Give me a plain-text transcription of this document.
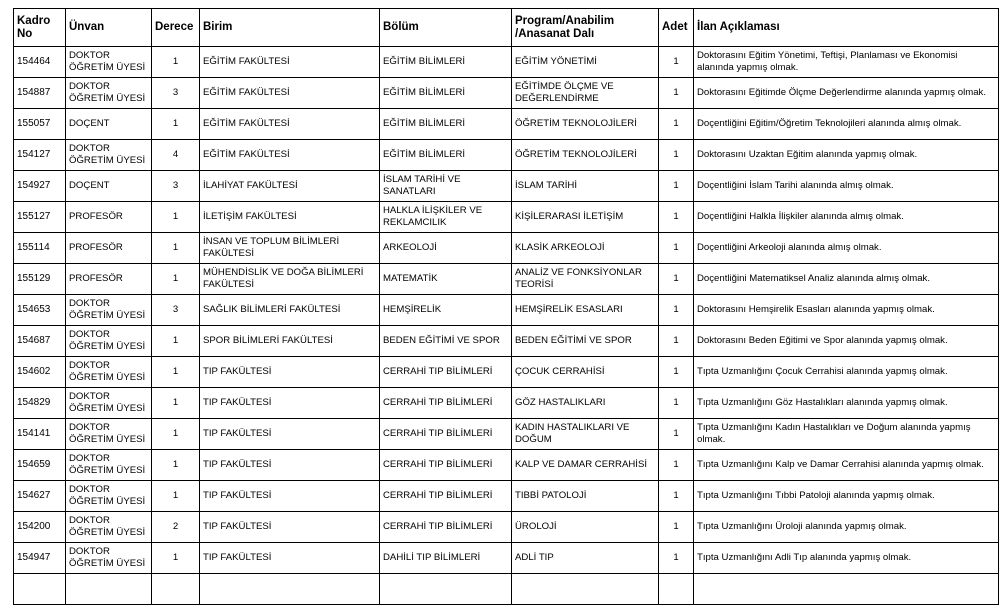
Kadro No	Ünvan	Derece	Birim	Bölüm	Program/Anabilim /Anasanat Dalı	Adet	İlan Açıklaması
154464	DOKTOR ÖĞRETİM ÜYESİ	1	EĞİTİM FAKÜLTESİ	EĞİTİM BİLİMLERİ	EĞİTİM YÖNETİMİ	1	Doktorasını Eğitim Yönetimi, Teftişi, Planlaması ve Ekonomisi alanında yapmış olmak.
154887	DOKTOR ÖĞRETİM ÜYESİ	3	EĞİTİM FAKÜLTESİ	EĞİTİM BİLİMLERİ	EĞİTİMDE ÖLÇME VE DEĞERLENDİRME	1	Doktorasını Eğitimde Ölçme Değerlendirme alanında yapmış olmak.
155057	DOÇENT	1	EĞİTİM FAKÜLTESİ	EĞİTİM BİLİMLERİ	ÖĞRETİM TEKNOLOJİLERİ	1	Doçentliğini Eğitim/Öğretim Teknolojileri alanında almış olmak.
154127	DOKTOR ÖĞRETİM ÜYESİ	4	EĞİTİM FAKÜLTESİ	EĞİTİM BİLİMLERİ	ÖĞRETİM TEKNOLOJİLERİ	1	Doktorasını Uzaktan Eğitim alanında yapmış olmak.
154927	DOÇENT	3	İLAHİYAT FAKÜLTESİ	İSLAM TARİHİ VE SANATLARI	İSLAM TARİHİ	1	Doçentliğini İslam Tarihi alanında almış olmak.
155127	PROFESÖR	1	İLETİŞİM FAKÜLTESİ	HALKLA İLİŞKİLER VE REKLAMCILIK	KİŞİLERARASI İLETİŞİM	1	Doçentliğini Halkla İlişkiler alanında almış olmak.
155114	PROFESÖR	1	İNSAN VE TOPLUM BİLİMLERİ FAKÜLTESİ	ARKEOLOJİ	KLASİK ARKEOLOJİ	1	Doçentliğini Arkeoloji alanında almış olmak.
155129	PROFESÖR	1	MÜHENDİSLİK VE DOĞA BİLİMLERİ FAKÜLTESİ	MATEMATİK	ANALİZ VE FONKSİYONLAR TEORİSİ	1	Doçentliğini Matematiksel Analiz alanında almış olmak.
154653	DOKTOR ÖĞRETİM ÜYESİ	3	SAĞLIK BİLİMLERİ FAKÜLTESİ	HEMŞİRELİK	HEMŞİRELİK ESASLARI	1	Doktorasını Hemşirelik Esasları alanında yapmış olmak.
154687	DOKTOR ÖĞRETİM ÜYESİ	1	SPOR BİLİMLERİ FAKÜLTESİ	BEDEN EĞİTİMİ VE SPOR	BEDEN EĞİTİMİ VE SPOR	1	Doktorasını Beden Eğitimi ve Spor alanında yapmış olmak.
154602	DOKTOR ÖĞRETİM ÜYESİ	1	TIP FAKÜLTESİ	CERRAHİ TIP BİLİMLERİ	ÇOCUK CERRAHİSİ	1	Tıpta Uzmanlığını Çocuk Cerrahisi alanında yapmış olmak.
154829	DOKTOR ÖĞRETİM ÜYESİ	1	TIP FAKÜLTESİ	CERRAHİ TIP BİLİMLERİ	GÖZ HASTALIKLARI	1	Tıpta Uzmanlığını Göz Hastalıkları alanında yapmış olmak.
154141	DOKTOR ÖĞRETİM ÜYESİ	1	TIP FAKÜLTESİ	CERRAHİ TIP BİLİMLERİ	KADIN HASTALIKLARI VE DOĞUM	1	Tıpta Uzmanlığını Kadın Hastalıkları ve Doğum alanında yapmış olmak.
154659	DOKTOR ÖĞRETİM ÜYESİ	1	TIP FAKÜLTESİ	CERRAHİ TIP BİLİMLERİ	KALP VE DAMAR CERRAHİSİ	1	Tıpta Uzmanlığını Kalp ve Damar Cerrahisi alanında yapmış olmak.
154627	DOKTOR ÖĞRETİM ÜYESİ	1	TIP FAKÜLTESİ	CERRAHİ TIP BİLİMLERİ	TIBBİ PATOLOJİ	1	Tıpta Uzmanlığını Tıbbi Patoloji alanında yapmış olmak.
154200	DOKTOR ÖĞRETİM ÜYESİ	2	TIP FAKÜLTESİ	CERRAHİ TIP BİLİMLERİ	ÜROLOJİ	1	Tıpta Uzmanlığını Üroloji alanında yapmış olmak.
154947	DOKTOR ÖĞRETİM ÜYESİ	1	TIP FAKÜLTESİ	DAHİLİ TIP BİLİMLERİ	ADLİ TIP	1	Tıpta Uzmanlığını Adli Tıp alanında yapmış olmak.
